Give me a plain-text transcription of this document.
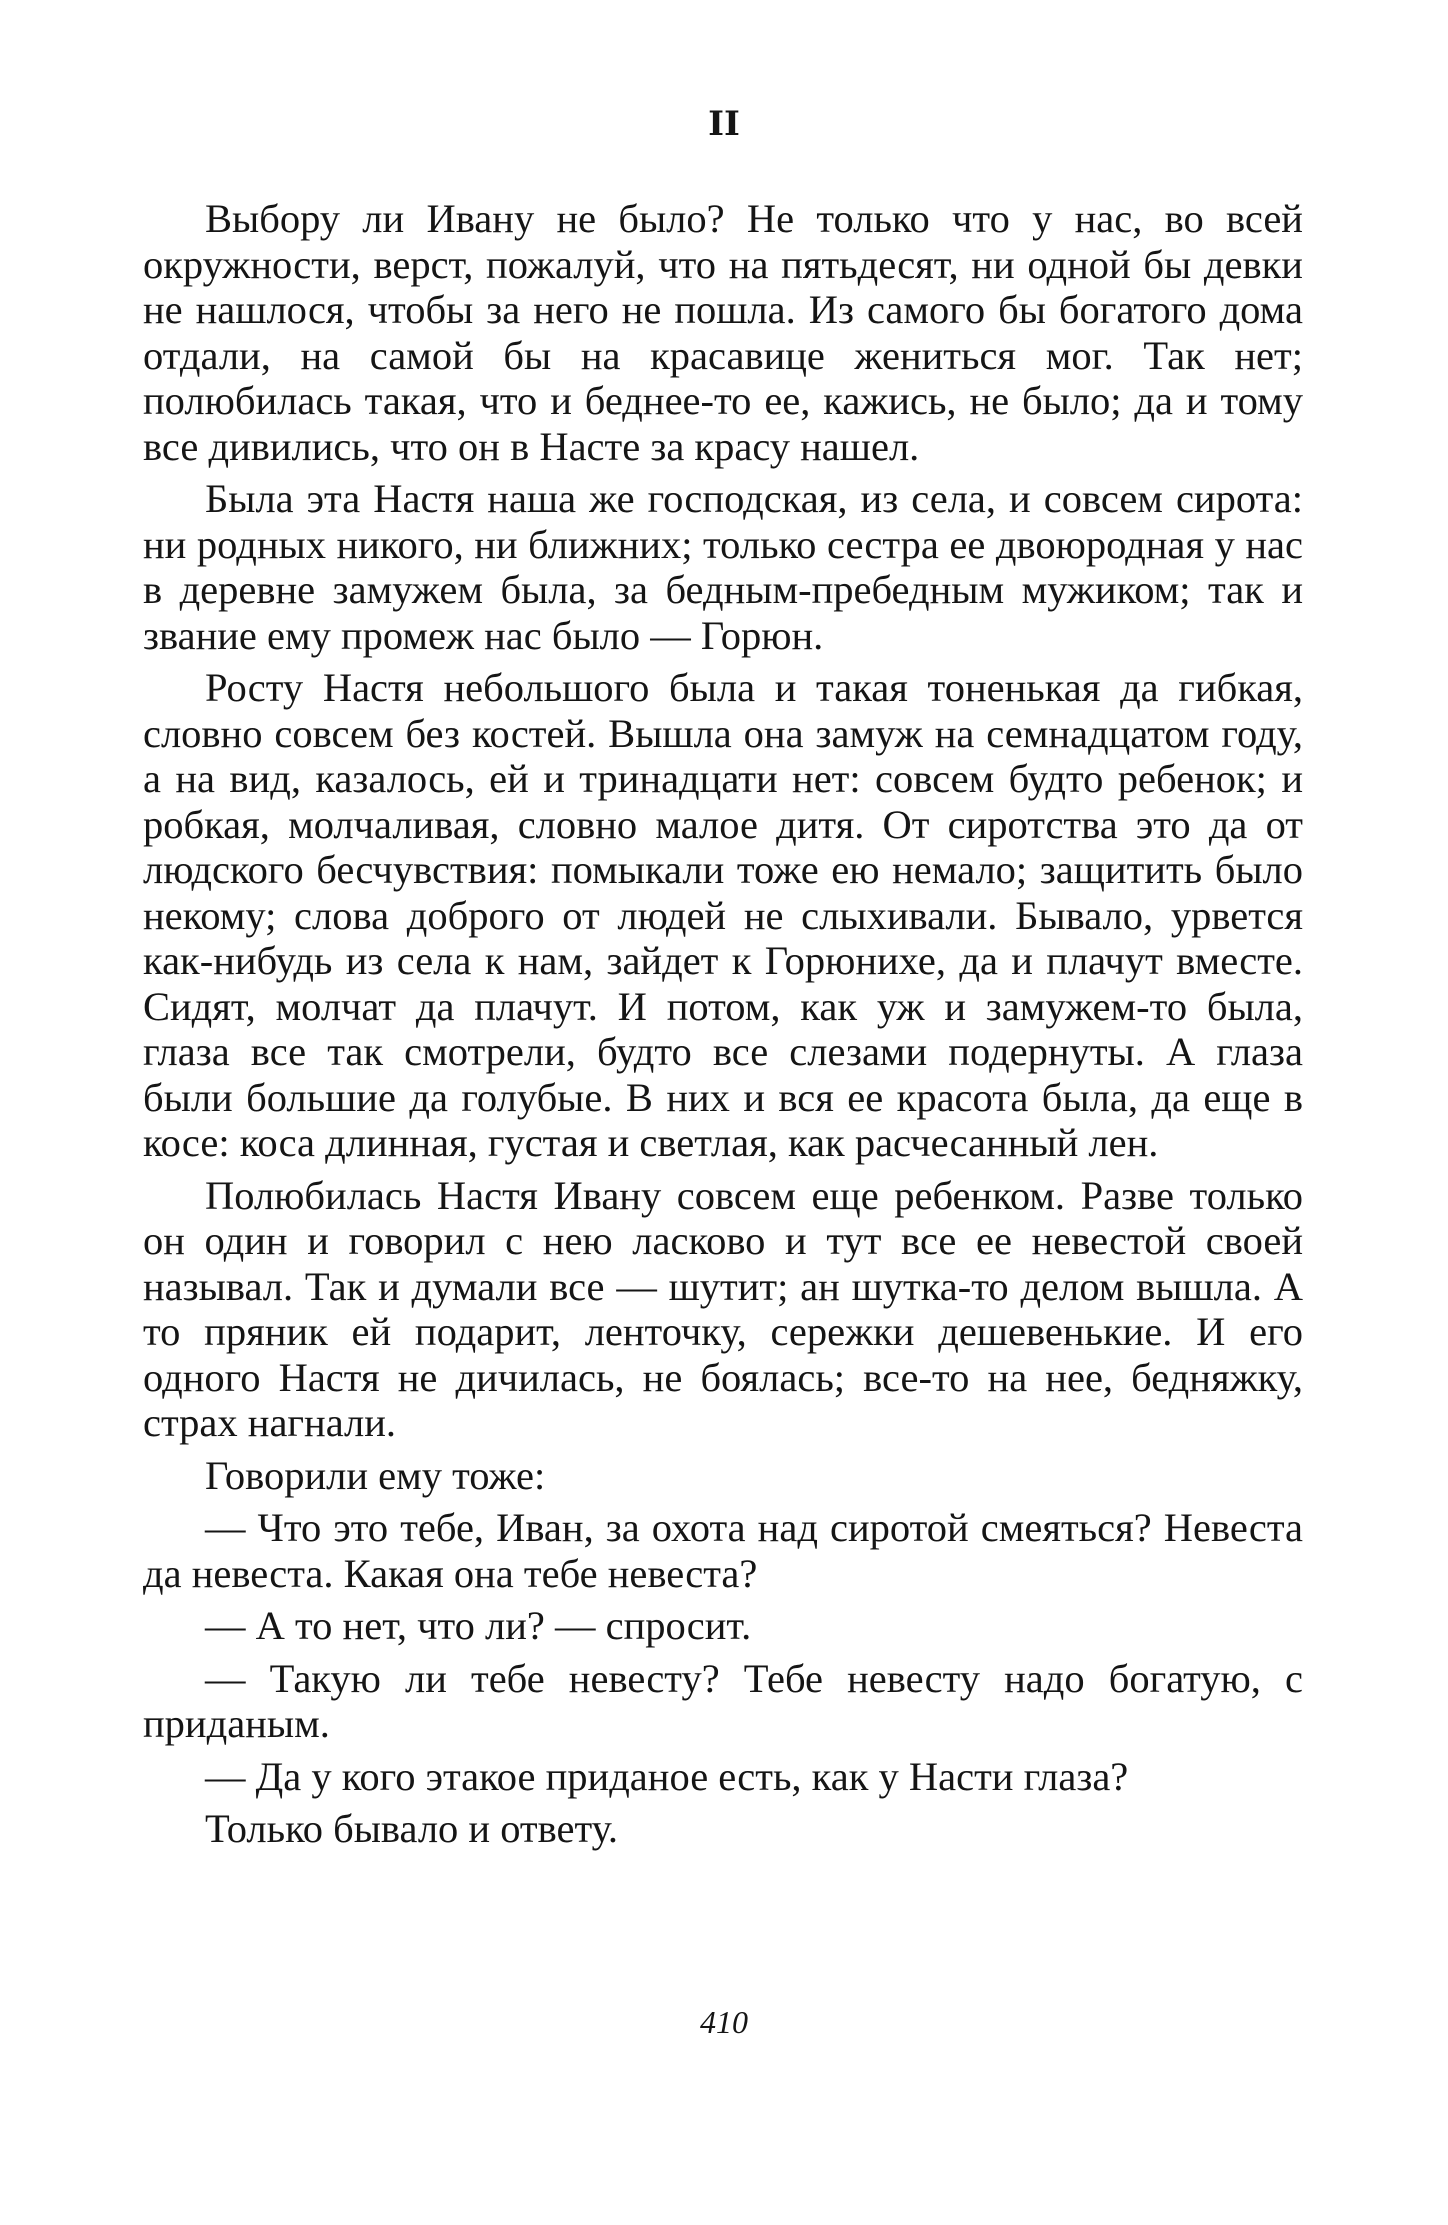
II

Выбору ли Ивану не было? Не только что у нас, во всей окружности, верст, пожалуй, что на пятьдесят, ни одной бы девки не нашлося, чтобы за него не пошла. Из самого бы богатого дома отдали, на самой бы на красавице жениться мог. Так нет; полюбилась такая, что и беднее-то ее, кажись, не было; да и тому все дивились, что он в Насте за красу нашел.

Была эта Настя наша же господская, из села, и совсем сирота: ни родных никого, ни ближних; только сестра ее двоюродная у нас в деревне замужем была, за бедным-пребедным мужиком; так и звание ему промеж нас было — Горюн.

Росту Настя небольшого была и такая тоненькая да гибкая, словно совсем без костей. Вышла она замуж на семнадцатом году, а на вид, казалось, ей и тринадцати нет: совсем будто ребенок; и робкая, молчаливая, словно малое дитя. От сиротства это да от людского бесчувствия: помыкали тоже ею немало; защитить было некому; слова доброго от людей не слыхивали. Бывало, урвется как-нибудь из села к нам, зайдет к Горюнихе, да и плачут вместе. Сидят, молчат да плачут. И потом, как уж и замужем-то была, глаза все так смотрели, будто все слезами подернуты. А глаза были большие да голубые. В них и вся ее красота была, да еще в косе: коса длинная, густая и светлая, как расчесанный лен.

Полюбилась Настя Ивану совсем еще ребенком. Разве только он один и говорил с нею ласково и тут все ее невестой своей называл. Так и думали все — шутит; ан шутка-то делом вышла. А то пряник ей подарит, ленточку, сережки дешевенькие. И его одного Настя не дичилась, не боялась; все-то на нее, бедняжку, страх нагнали.

Говорили ему тоже:

— Что это тебе, Иван, за охота над сиротой смеяться? Невеста да невеста. Какая она тебе невеста?

— А то нет, что ли? — спросит.

— Такую ли тебе невесту? Тебе невесту надо богатую, с приданым.

— Да у кого этакое приданое есть, как у Насти глаза?

Только бывало и ответу.

410
